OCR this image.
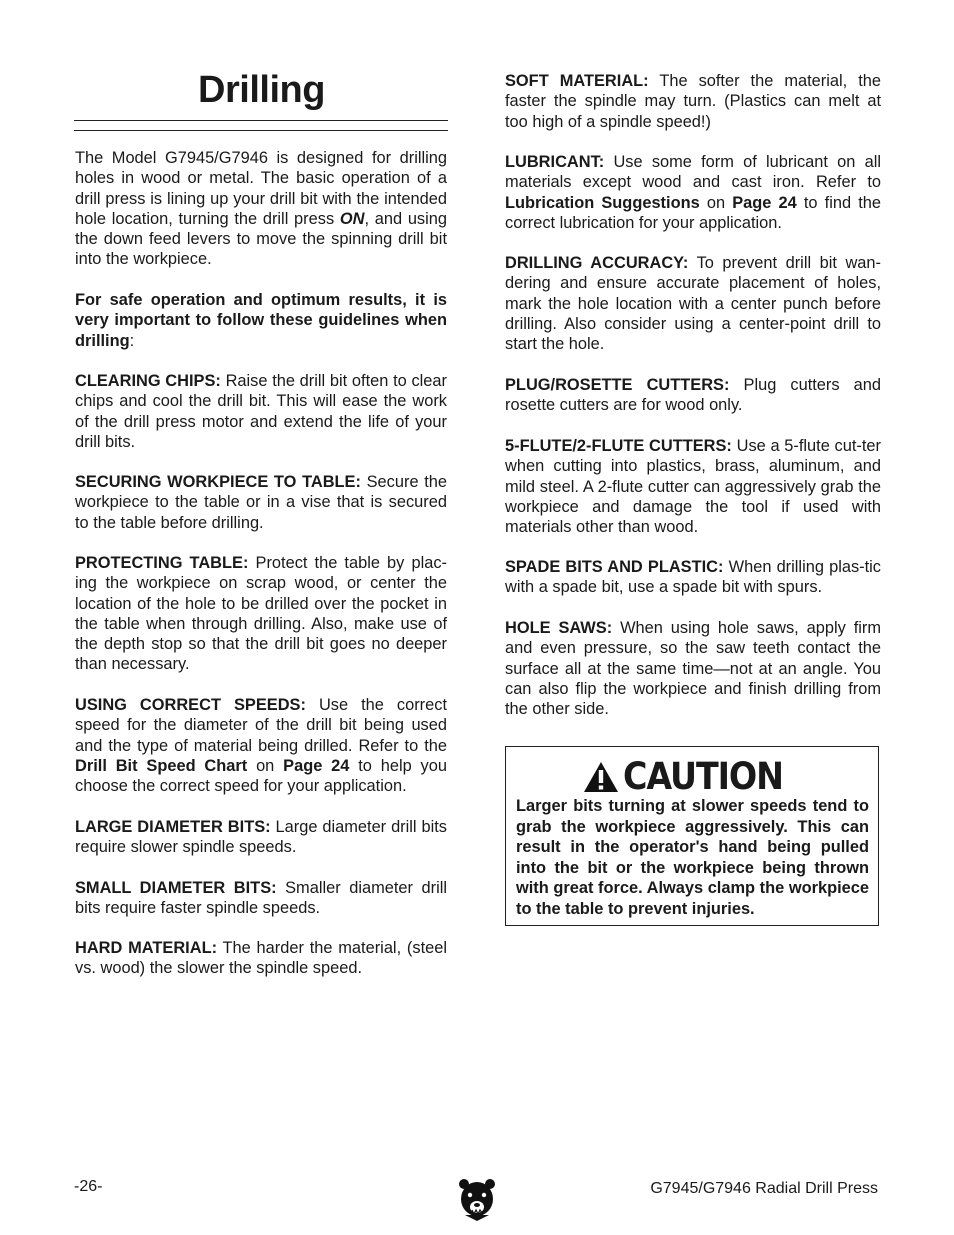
Drilling

The Model G7945/G7946 is designed for drilling holes in wood or metal. The basic operation of a drill press is lining up your drill bit with the intended hole location, turning the drill press ON, and using the down feed levers to move the spinning drill bit into the workpiece.

For safe operation and optimum results, it is very important to follow these guidelines when drilling:

CLEARING CHIPS: Raise the drill bit often to clear chips and cool the drill bit. This will ease the work of the drill press motor and extend the life of your drill bits.

SECURING WORKPIECE TO TABLE: Secure the workpiece to the table or in a vise that is secured to the table before drilling.

PROTECTING TABLE: Protect the table by plac-ing the workpiece on scrap wood, or center the location of the hole to be drilled over the pocket in the table when through drilling. Also, make use of the depth stop so that the drill bit goes no deeper than necessary.

USING CORRECT SPEEDS: Use the correct speed for the diameter of the drill bit being used and the type of material being drilled. Refer to the Drill Bit Speed Chart on Page 24 to help you choose the correct speed for your application.

LARGE DIAMETER BITS: Large diameter drill bits require slower spindle speeds.

SMALL DIAMETER BITS: Smaller diameter drill bits require faster spindle speeds.

HARD MATERIAL: The harder the material, (steel vs. wood) the slower the spindle speed.

SOFT MATERIAL: The softer the material, the faster the spindle may turn. (Plastics can melt at too high of a spindle speed!)

LUBRICANT: Use some form of lubricant on all materials except wood and cast iron. Refer to Lubrication Suggestions on Page 24 to find the correct lubrication for your application.

DRILLING ACCURACY: To prevent drill bit wan-dering and ensure accurate placement of holes, mark the hole location with a center punch before drilling. Also consider using a center-point drill to start the hole.

PLUG/ROSETTE CUTTERS: Plug cutters and rosette cutters are for wood only.

5-FLUTE/2-FLUTE CUTTERS: Use a 5-flute cut-ter when cutting into plastics, brass, aluminum, and mild steel. A 2-flute cutter can aggressively grab the workpiece and damage the tool if used with materials other than wood.

SPADE BITS AND PLASTIC: When drilling plas-tic with a spade bit, use a spade bit with spurs.

HOLE SAWS: When using hole saws, apply firm and even pressure, so the saw teeth contact the surface all at the same time—not at an angle. You can also flip the workpiece and finish drilling from the other side.

CAUTION

Larger bits turning at slower speeds tend to grab the workpiece aggressively. This can result in the operator's hand being pulled into the bit or the workpiece being thrown with great force. Always clamp the workpiece to the table to prevent injuries.

-26-	G7945/G7946 Radial Drill Press
